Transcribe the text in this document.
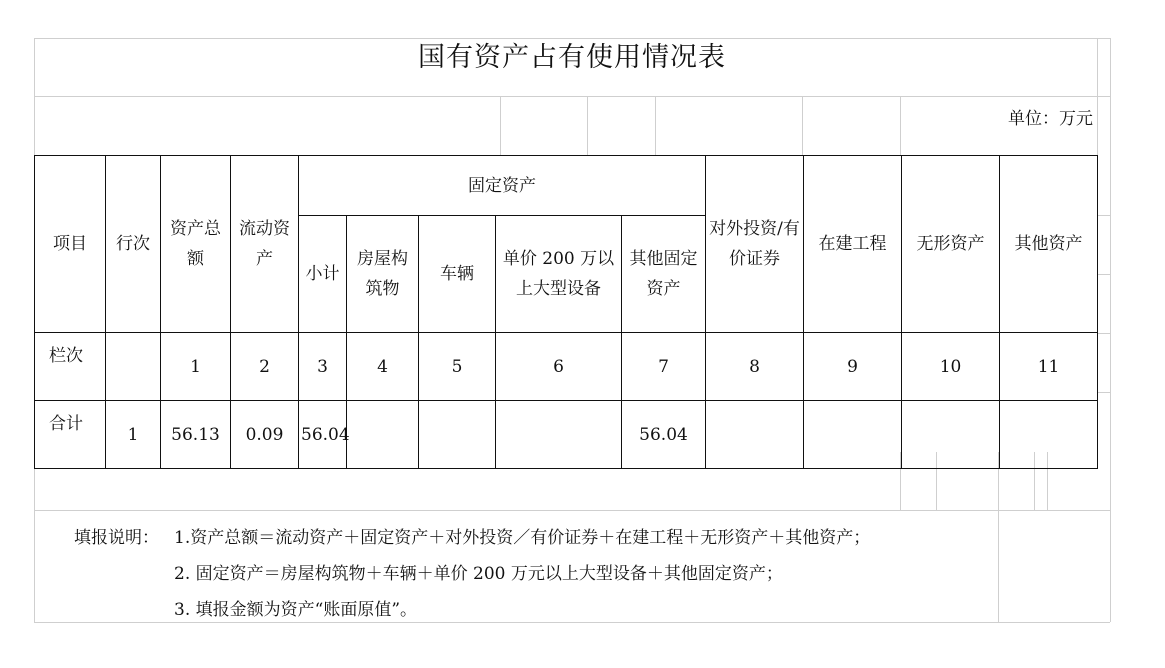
国有资产占有使用情况表
单位：万元
项目	行次	资产总额	流动资产	固定资产					对外投资/有价证券	在建工程	无形资产	其他资产
				小计	房屋构筑物	车辆	单价 200 万以上大型设备	其他固定资产				

栏次		1	2	3	4	5	6	7	8	9	10	11
合计	1	56.13	0.09	56.04				56.04				
填报说明： 1.资产总额＝流动资产＋固定资产＋对外投资／有价证券＋在建工程＋无形资产＋其他资产；
2. 固定资产＝房屋构筑物＋车辆＋单价 200 万元以上大型设备＋其他固定资产；
3. 填报金额为资产“账面原值”。
